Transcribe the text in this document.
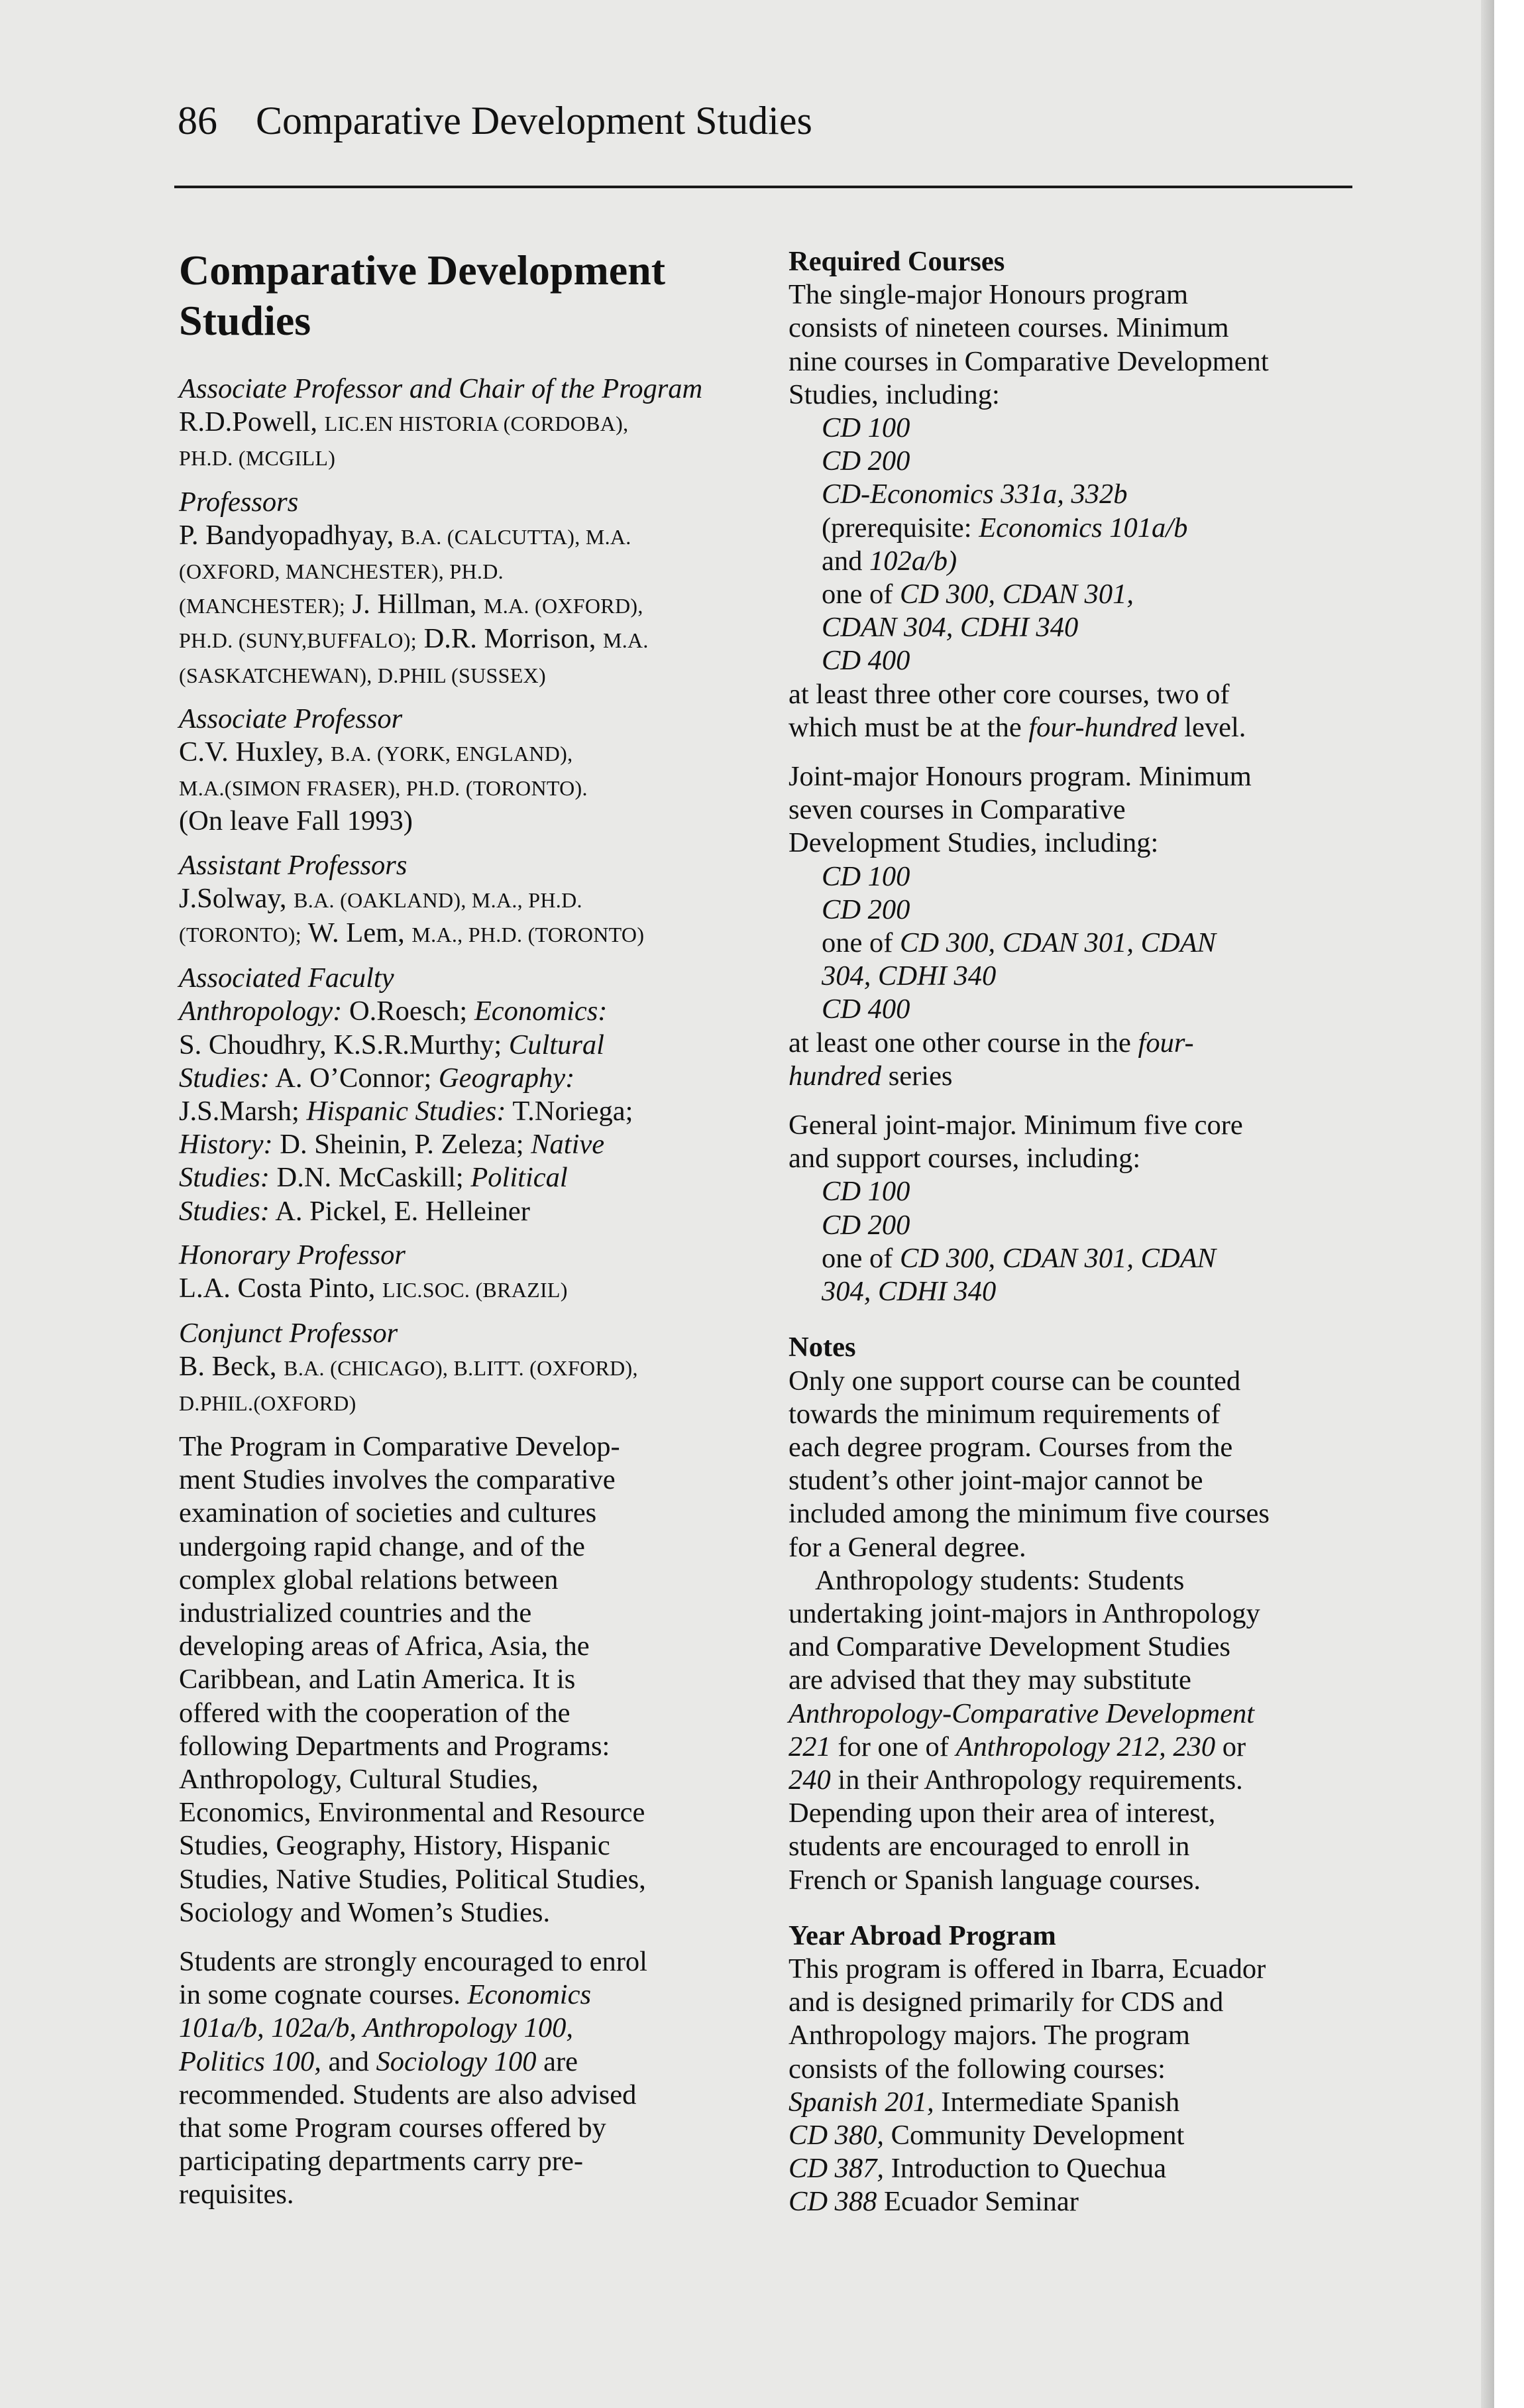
86 Comparative Development Studies
Comparative Development Studies

Associate Professor and Chair of the Program

R.D.Powell, LIC.EN HISTORIA (CORDOBA),

PH.D. (MCGILL)

Professors

P. Bandyopadhyay, B.A. (CALCUTTA), M.A.

(OXFORD, MANCHESTER), PH.D.

(MANCHESTER); J. Hillman, M.A. (OXFORD),

PH.D. (SUNY,BUFFALO); D.R. Morrison, M.A.

(SASKATCHEWAN), D.PHIL (SUSSEX)

Associate Professor

C.V. Huxley, B.A. (YORK, ENGLAND),

M.A.(SIMON FRASER), PH.D. (TORONTO).

(On leave Fall 1993)

Assistant Professors

J.Solway, B.A. (OAKLAND), M.A., PH.D.

(TORONTO); W. Lem, M.A., PH.D. (TORONTO)

Associated Faculty

Anthropology: O.Roesch; Economics:

S. Choudhry, K.S.R.Murthy; Cultural

Studies: A. O’Connor; Geography:

J.S.Marsh; Hispanic Studies: T.Noriega;

History: D. Sheinin, P. Zeleza; Native

Studies: D.N. McCaskill; Political

Studies: A. Pickel, E. Helleiner

Honorary Professor

L.A. Costa Pinto, LIC.SOC. (BRAZIL)

Conjunct Professor

B. Beck, B.A. (CHICAGO), B.LITT. (OXFORD),

D.PHIL.(OXFORD)

The Program in Comparative Develop-

ment Studies involves the comparative

examination of societies and cultures

undergoing rapid change, and of the

complex global relations between

industrialized countries and the

developing areas of Africa, Asia, the

Caribbean, and Latin America. It is

offered with the cooperation of the

following Departments and Programs:

Anthropology, Cultural Studies,

Economics, Environmental and Resource

Studies, Geography, History, Hispanic

Studies, Native Studies, Political Studies,

Sociology and Women’s Studies.

Students are strongly encouraged to enrol

in some cognate courses. Economics

101a/b, 102a/b, Anthropology 100,

Politics 100, and Sociology 100 are

recommended. Students are also advised

that some Program courses offered by

participating departments carry pre-

requisites.

Required Courses

The single-major Honours program

consists of nineteen courses. Minimum

nine courses in Comparative Development

Studies, including:

CD 100

CD 200

CD-Economics 331a, 332b

(prerequisite: Economics 101a/b

and 102a/b)

one of CD 300, CDAN 301,

CDAN 304, CDHI 340

CD 400

at least three other core courses, two of

which must be at the four-hundred level.

Joint-major Honours program. Minimum

seven courses in Comparative

Development Studies, including:

CD 100

CD 200

one of CD 300, CDAN 301, CDAN

304, CDHI 340

CD 400

at least one other course in the four-

hundred series

General joint-major. Minimum five core

and support courses, including:

CD 100

CD 200

one of CD 300, CDAN 301, CDAN

304, CDHI 340

Notes

Only one support course can be counted

towards the minimum requirements of

each degree program. Courses from the

student’s other joint-major cannot be

included among the minimum five courses

for a General degree.

Anthropology students: Students

undertaking joint-majors in Anthropology

and Comparative Development Studies

are advised that they may substitute

Anthropology-Comparative Development

221 for one of Anthropology 212, 230 or

240 in their Anthropology requirements.

Depending upon their area of interest,

students are encouraged to enroll in

French or Spanish language courses.

Year Abroad Program

This program is offered in Ibarra, Ecuador

and is designed primarily for CDS and

Anthropology majors. The program

consists of the following courses:

Spanish 201, Intermediate Spanish

CD 380, Community Development

CD 387, Introduction to Quechua

CD 388 Ecuador Seminar
